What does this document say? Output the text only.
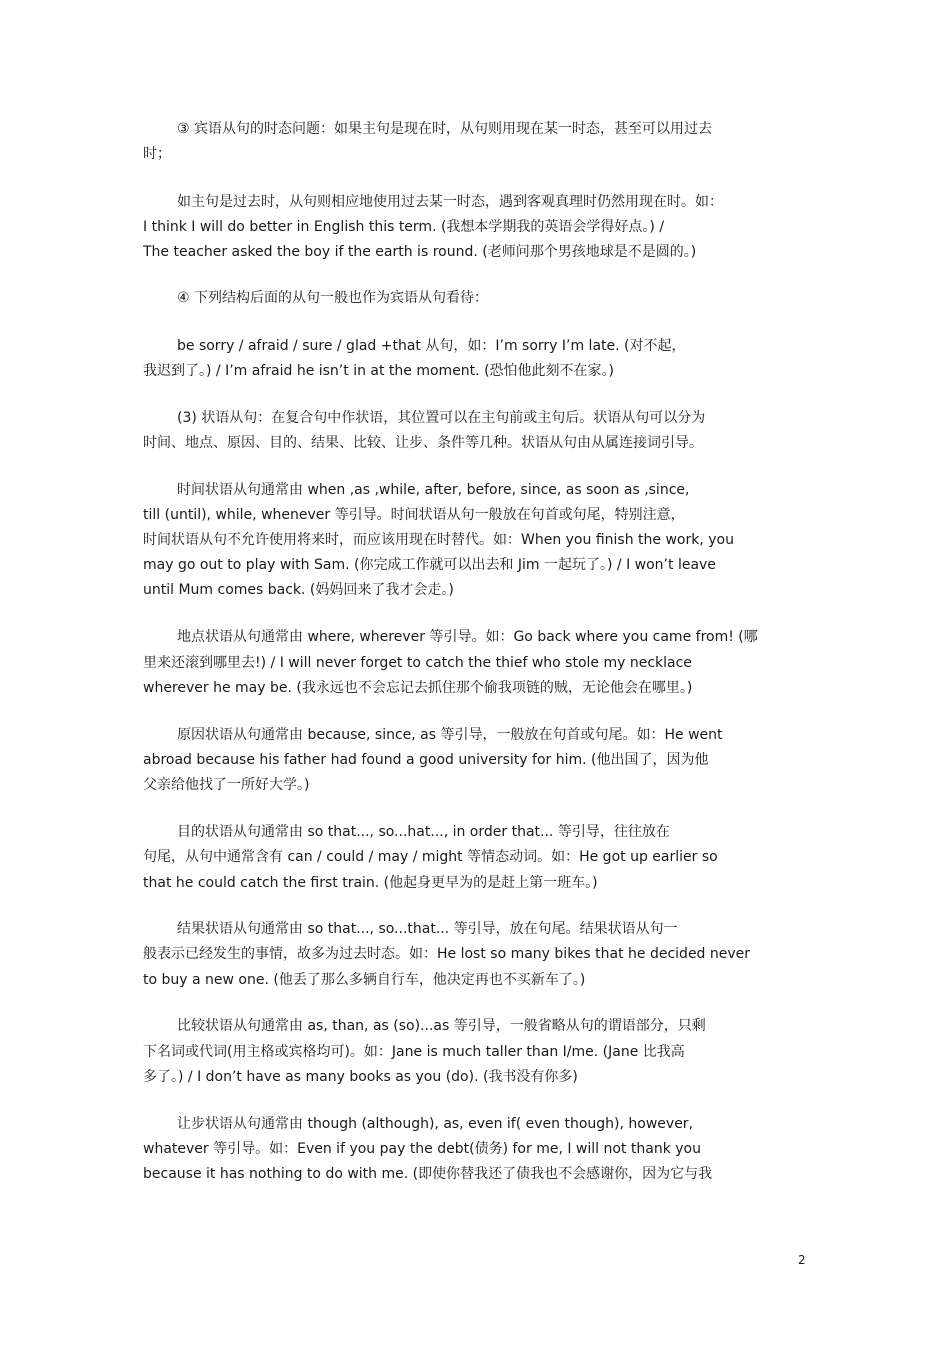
③ 宾语从句的时态问题：如果主句是现在时，从句则用现在某一时态，甚至可以用过去
时；
如主句是过去时，从句则相应地使用过去某一时态，遇到客观真理时仍然用现在时。如：
I think I will do better in English this term. (我想本学期我的英语会学得好点。) /
The teacher asked the boy if the earth is round. (老师问那个男孩地球是不是圆的。)
④ 下列结构后面的从句一般也作为宾语从句看待：
be sorry / afraid / sure / glad +that 从句，如：I’m sorry I’m late. (对不起，
我迟到了。) / I’m afraid he isn’t in at the moment. (恐怕他此刻不在家。)
(3) 状语从句：在复合句中作状语，其位置可以在主句前或主句后。状语从句可以分为
时间、地点、原因、目的、结果、比较、让步、条件等几种。状语从句由从属连接词引导。
时间状语从句通常由 when ,as ,while, after, before, since, as soon as ,since,
till (until), while, whenever 等引导。时间状语从句一般放在句首或句尾，特别注意，
时间状语从句不允许使用将来时，而应该用现在时替代。如：When you finish the work, you
may go out to play with Sam. (你完成工作就可以出去和 Jim 一起玩了。) / I won’t leave
until Mum comes back. (妈妈回来了我才会走。)
地点状语从句通常由 where, wherever 等引导。如：Go back where you came from! (哪
里来还滚到哪里去!) / I will never forget to catch the thief who stole my necklace
wherever he may be. (我永远也不会忘记去抓住那个偷我项链的贼，无论他会在哪里。)
原因状语从句通常由 because, since, as 等引导，一般放在句首或句尾。如：He went
abroad because his father had found a good university for him. (他出国了，因为他
父亲给他找了一所好大学。)
目的状语从句通常由 so that..., so...hat..., in order that... 等引导，往往放在
句尾，从句中通常含有 can / could / may / might 等情态动词。如：He got up earlier so
that he could catch the first train. (他起身更早为的是赶上第一班车。)
结果状语从句通常由 so that..., so...that... 等引导，放在句尾。结果状语从句一
般表示已经发生的事情，故多为过去时态。如：He lost so many bikes that he decided never
to buy a new one. (他丢了那么多辆自行车，他决定再也不买新车了。)
比较状语从句通常由 as, than, as (so)...as 等引导，一般省略从句的谓语部分，只剩
下名词或代词(用主格或宾格均可)。如：Jane is much taller than I/me. (Jane 比我高
多了。) / I don’t have as many books as you (do). (我书没有你多)
让步状语从句通常由 though (although), as, even if( even though), however,
whatever 等引导。如：Even if you pay the debt(债务) for me, I will not thank you
because it has nothing to do with me. (即使你替我还了债我也不会感谢你，因为它与我
2
